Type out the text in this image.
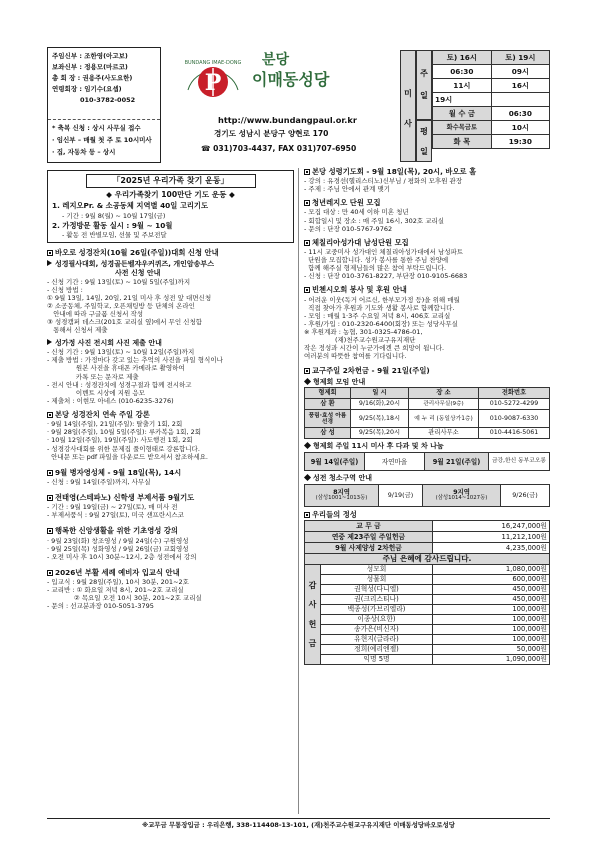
주임신부 : 조한영(아고보)
보좌신부 : 정용모(마르코)
총 회 장 : 권용주(사도요한)
연령회장 : 임기수(요셉)
010-3782-0052
* 축복 신청 : 상시 사무실 접수
· 임신부 – 매월 첫 주 토 10시미사
· 집, 자동차 등 – 상시
BUNDANG IMAE-DONG
P
분당
이매동성당
http://www.bundangpaul.or.kr
경기도 성남시 분당구 양현로 170
☎ 031)703-4437, FAX 031)707-6950
미
사
주
일
평
일
토) 16시	토) 19시
06:30	09시
11시	16시
19시	
월 수 금	06:30
화수목금토	10시
화 목	19:30
「2025년 우리가족 찾기 운동」
◆ 우리가족찾기 100만단 기도 운동 ◆
1. 레지오Pr. & 소공동체 지역별 40일 고리기도
- 기간 : 9월 8(월) ~ 10월 17일(금)
2. 가정방문 활동 실시 : 9월 ~ 10월
- 활동 전 반별모임, 선물 및 주보전달
바오로 성경잔치(10월 26일(주일))대회 신청 안내
성경필사대회, 성경골든벨쟈우커퀴즈, 개인암송부스
사전 신청 안내
- 신청 기간 : 9월 13일(토) ~ 10월 5일(주일)까지
- 신청 방법 :
① 9월 13일, 14일, 20일, 21일 미사 후 성전 앞 대면신청
② 소공동체, 주일학교, 오픈채팅방 등 단체의 온라인
안내에 따라 구글폼 신청서 작성
③ 성경캠퍼 데스크(201호 교리실 옆)에서 무인 신청함
통해서 신청서 제출
성가정 사진 전시회 사진 제출 안내
- 신청 기간 : 9월 13일(토) ~ 10월 12일(주일)까지
- 제출 방법 : 가정마다 갖고 있는 추억의 사진을 파일 형식이나
원본 사진을 휴대폰 카메라로 촬영하여
카톡 또는 문자로 제출
- 전시 안내 : 성경잔치에 성경구절과 함께 전시하고
이벤트 시상에 지원 응모
- 제출처 : 이현모 아네스 (010-6235-3276)
본당 성경잔치 연속 주일 강론
· 9월 14일(주일), 21일(주일): 탈출기 1회, 2회
· 9월 28일(주일), 10월 5일(주일): 루카복음 1회, 2회
· 10월 12일(주일), 19일(주일): 사도행전 1회, 2회
- 성경강사대회를 위한 문제집 풀이형태로 강론합니다.
안내문 또는 pdf 파일을 다운로드 받으셔서 참조하세요.
9월 병자영성체 - 9월 18일(목), 14시
- 신청 : 9월 14일(주일)까지, 사무실
전태영(스테파노) 신학생 부제서품 9월기도
- 기간 : 9월 19일(금) ~ 27일(토), 매 미사 전
- 부제서품식 : 9월 27일(토), 미국 샌프란시스코
행복한 신앙생활을 위한 기초영성 강의
· 9월 23일(화) 창조영성 / 9월 24일(수) 구원영성
· 9월 25일(목) 성화영성 / 9월 26일(금) 교회영성
- 오전 미사 후 10시 30분~12시, 2층 성전에서 강의
2026년 부활 세례 예비자 입교식 안내
- 입교식 : 9월 28일(주일), 10시 30분, 201~2호
- 교리반 : ① 화요일 저녁 8시, 201~2호 교리실
② 목요일 오전 10시 30분, 201~2호 교리실
- 문의 : 선교분과장 010-5051-3795
본당 성령기도회 - 9월 18일(목), 20시, 바오로 홀
- 강의 : 유경선(헬리스티노)신부님 / 평화의 모후원 관장
- 주제 : 주님 안에서 관계 맺기
청년레지오 단원 모집
- 모집 대상 : 만 40세 이하 미혼 청년
- 회합일시 및 장소 : 매 주일 16시, 302호 교리실
- 문의 : 단장 010-5767-9762
체칠리아성가대 남성단원 모집
- 11시 교중미사 성가대인 체칠리아성가대에서 남성파트
단원을 모집합니다. 성가 봉사를 통한 주님 찬양에
함께 해주실 형제님들의 많은 참여 부탁드립니다.
- 신청 : 단장 010-3761-8227, 부단장 010-9105-6683
빈첸시오회 봉사 및 후원 안내
- 어려운 이웃(독거 어르신, 한부모가정 등)을 위해 매월
직접 찾아가 후원과 기도와 생활 봉사로 함께합니다.
- 모임 : 매월 1·3주 수요일 저녁 8시, 406호 교리실
- 후원/가입 : 010-2320-6400(회장) 또는 성당사무실
※ 후원계좌 : 농협, 301-0325-4786-01,
(재)천주교수원교구유지재단
작은 정성과 시간이 누군가에겐 큰 희망이 됩니다.
여러분의 따뜻한 참여를 기다립니다.
교구주일 2차헌금 - 9월 21일(주일)
형제회 모임 안내
형제회	일 시	장 소	전화번호
삼 환	9/16(화),20시	관리사무실(9층)	010-5272-4299
풍림·효성 아름선경	9/25(목),18시	예 누 리 (동일상가1층)	010-9087-6330
삼 성	9/25(목),20시	관리사무소	010-4416-5061
형제회 주일 11시 미사 후 다과 및 차 나눔
9월 14일(주일)	자연마을	9월 21일(주일)	금강,한신 동부코오롱
성전 청소구역 안내
8지역
(삼성1001~1013동)	9/19(금)	9지역
(삼성1014~1027동)	9/26(금)
우리들의 정성
교 무 금	16,247,000원
연중 제23주일 주일헌금	11,212,100원
9월 사제양성 2차헌금	4,235,000원
주님 은혜에 감사드립니다.	
감
사
헌
금	성모회	1,080,000원
	성물회	600,000원
	권혁성(다니엘)	450,000원
	권(크리스티나)	450,000원
	백종성(가브리엘라)	100,000원
	이종상(요한)	100,000원
	송가은(비신자)	100,000원
	유현지(글라라)	100,000원
	정희(예리엔젤)	50,000원
	익명 5명	1,090,000원
※교무금 무통장입금 : 우리은행, 338-114408-13-101, (재)천주교수원교구유지재단 이매동성당바오로성당
